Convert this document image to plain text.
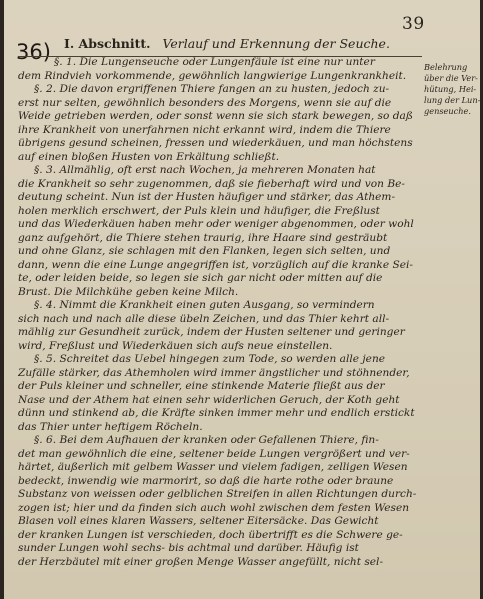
39
36) I. Abschnitt. Verlauf und Erkennung der Seuche.
Belehrung
über die Ver-
hütung, Hei-
lung der Lun-
genseuche.
§. 1. Die Lungenseuche oder Lungenfäule ist eine nur unter
dem Rindvieh vorkommende, gewöhnlich langwierige Lungenkrankheit.
§. 2. Die davon ergriffenen Thiere fangen an zu husten, jedoch zu-
erst nur selten, gewöhnlich besonders des Morgens, wenn sie auf die
Weide getrieben werden, oder sonst wenn sie sich stark bewegen, so daß
ihre Krankheit von unerfahrnen nicht erkannt wird, indem die Thiere
übrigens gesund scheinen, fressen und wiederkäuen, und man höchstens
auf einen bloßen Husten von Erkältung schließt.
§. 3. Allmählig, oft erst nach Wochen, ja mehreren Monaten hat
die Krankheit so sehr zugenommen, daß sie fieberhaft wird und von Be-
deutung scheint. Nun ist der Husten häufiger und stärker, das Athem-
holen merklich erschwert, der Puls klein und häufiger, die Freßlust
und das Wiederkäuen haben mehr oder weniger abgenommen, oder wohl
ganz aufgehört, die Thiere stehen traurig, ihre Haare sind gesträubt
und ohne Glanz, sie schlagen mit den Flanken, legen sich selten, und
dann, wenn die eine Lunge angegriffen ist, vorzüglich auf die kranke Sei-
te, oder leiden beide, so legen sie sich gar nicht oder mitten auf die
Brust. Die Milchkühe geben keine Milch.
§. 4. Nimmt die Krankheit einen guten Ausgang, so vermindern
sich nach und nach alle diese übeln Zeichen, und das Thier kehrt all-
mählig zur Gesundheit zurück, indem der Husten seltener und geringer
wird, Freßlust und Wiederkäuen sich aufs neue einstellen.
§. 5. Schreitet das Uebel hingegen zum Tode, so werden alle jene
Zufälle stärker, das Athemholen wird immer ängstlicher und stöhnender,
der Puls kleiner und schneller, eine stinkende Materie fließt aus der
Nase und der Athem hat einen sehr widerlichen Geruch, der Koth geht
dünn und stinkend ab, die Kräfte sinken immer mehr und endlich erstickt
das Thier unter heftigem Röcheln.
§. 6. Bei dem Aufhauen der kranken oder Gefallenen Thiere, fin-
det man gewöhnlich die eine, seltener beide Lungen vergrößert und ver-
härtet, äußerlich mit gelbem Wasser und vielem fadigen, zelligen Wesen
bedeckt, inwendig wie marmorirt, so daß die harte rothe oder braune
Substanz von weissen oder gelblichen Streifen in allen Richtungen durch-
zogen ist; hier und da finden sich auch wohl zwischen dem festen Wesen
Blasen voll eines klaren Wassers, seltener Eitersäcke. Das Gewicht
der kranken Lungen ist verschieden, doch übertrifft es die Schwere ge-
sunder Lungen wohl sechs- bis achtmal und darüber. Häufig ist
der Herzbäutel mit einer großen Menge Wasser angefüllt, nicht sel-
